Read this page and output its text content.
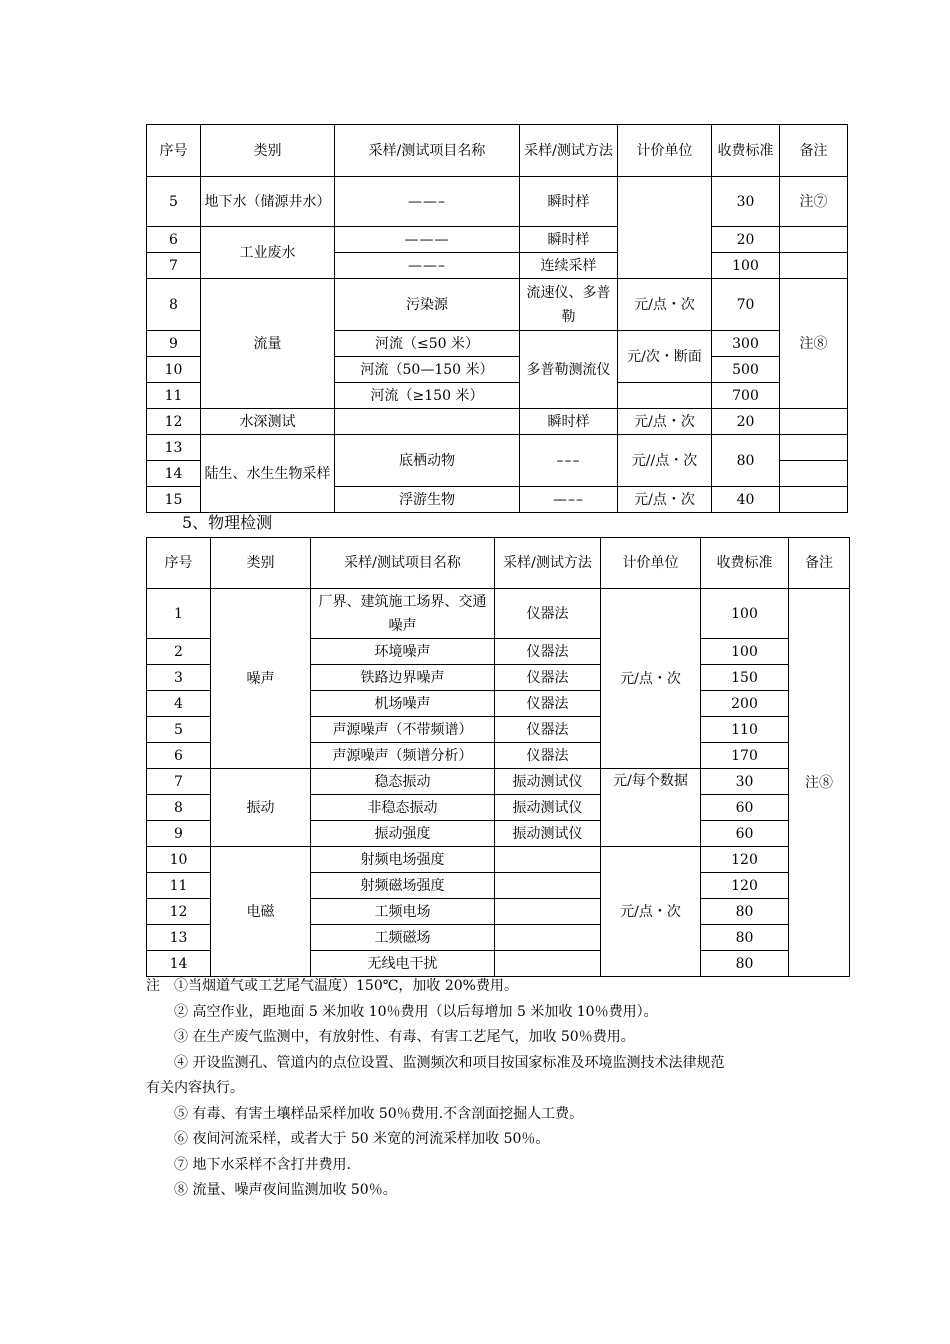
序号	类别	采样/测试项目名称	采样/测试方法	计价单位	收费标准	备注
5	地下水（储源井水）	——–	瞬时样		30	注⑦
6	工业废水	———	瞬时样		20	
7		——–	连续采样		100	
8	流量	污染源	流速仪、多普勒	元/点・次	70	注⑧
9		河流（≤50 米）	多普勒测流仪	元/次・断面	300	
10		河流（50—150 米）			500	
11		河流（≥150 米）			700	
12	水深测试		瞬时样	元/点・次	20	
13	陆生、水生生物采样	底栖动物	–––	元//点・次	80	
14						
15		浮游生物	—––	元/点・次	40	
5、物理检测
序号	类别	采样/测试项目名称	采样/测试方法	计价单位	收费标准	备注
1	噪声	厂界、建筑施工场界、交通噪声	仪器法	元/点・次	100	注⑧
2		环境噪声	仪器法		100	
3		铁路边界噪声	仪器法		150	
4		机场噪声	仪器法		200	
5		声源噪声（不带频谱）	仪器法		110	
6		声源噪声（频谱分析）	仪器法		170	
7	振动	稳态振动	振动测试仪	元/每个数据	30	
8		非稳态振动	振动测试仪		60	
9		振动强度	振动测试仪		60	
10	电磁	射频电场强度		元/点・次	120	
11		射频磁场强度			120	
12		工频电场			80	
13		工频磁场			80	
14		无线电干扰			80	

注 ①当烟道气或工艺尾气温度）150℃，加收 20%费用。

② 高空作业，距地面 5 米加收 10％费用（以后每增加 5 米加收 10％费用）。

③ 在生产废气监测中，有放射性、有毒、有害工艺尾气，加收 50％费用。

④ 开设监测孔、管道内的点位设置、监测频次和项目按国家标准及环境监测技术法律规范

有关内容执行。

⑤ 有毒、有害土壤样品采样加收 50％费用.不含剖面挖掘人工费。

⑥ 夜间河流采样，或者大于 50 米宽的河流采样加收 50％。

⑦ 地下水采样不含打井费用.

⑧ 流量、噪声夜间监测加收 50％。
